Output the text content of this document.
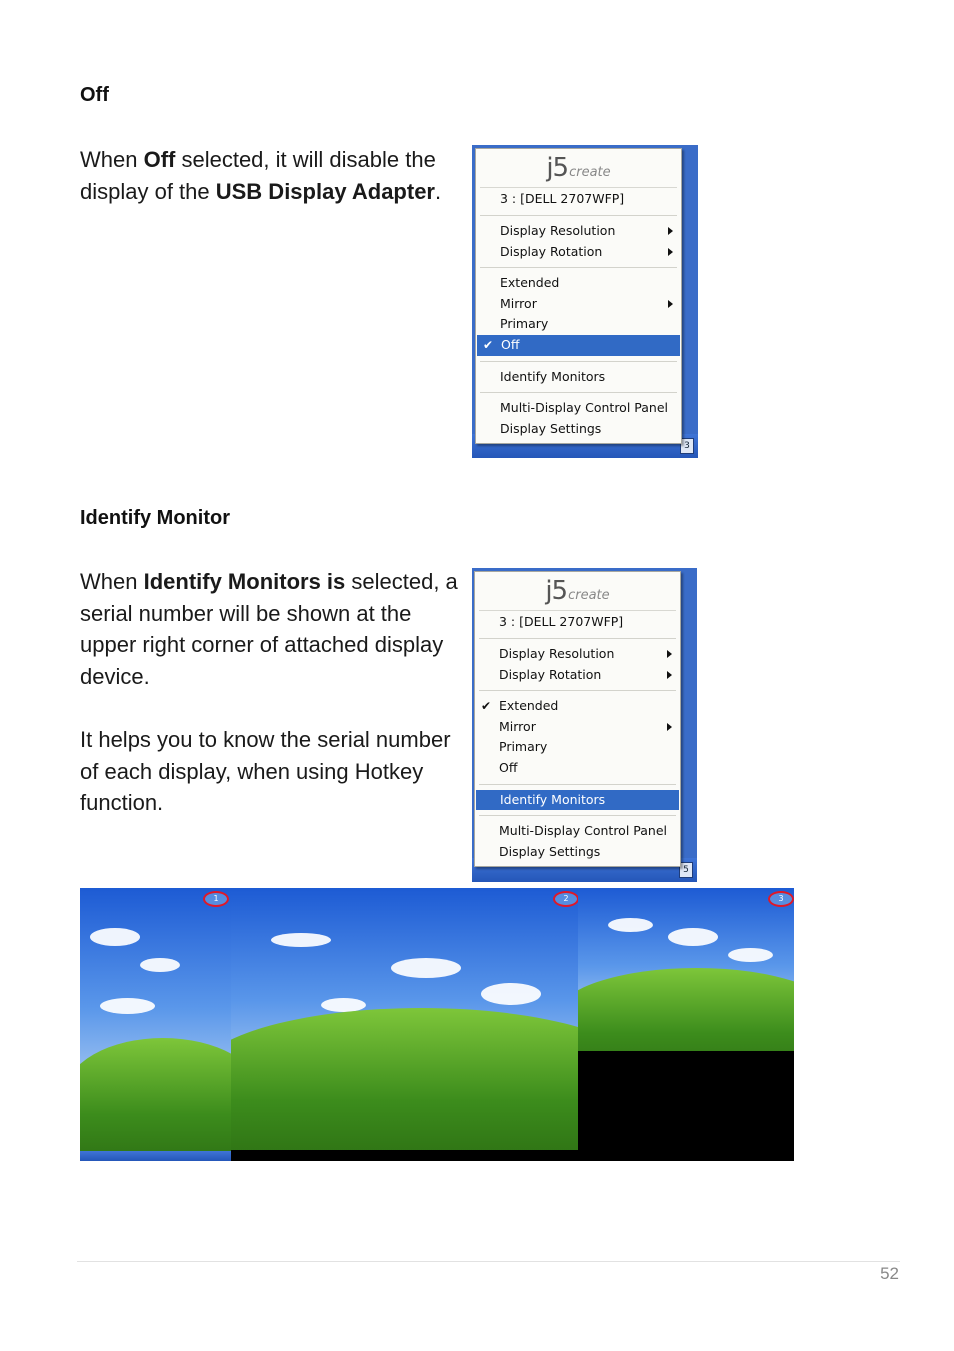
Off

When Off selected, it will disable the display of the USB Display Adapter.

3
j5create
3 : [DELL 2707WFP]
Display Resolution
Display Rotation
Extended
Mirror
Primary
✔ Off
Identify Monitors
Multi-Display Control Panel
Display Settings
Identify Monitor

When Identify Monitors is selected, a serial number will be shown at the upper right corner of attached display device.

It helps you to know the serial number of each display, when using Hotkey function.

5
j5create
3 : [DELL 2707WFP]
Display Resolution
Display Rotation
✔ Extended
Mirror
Primary
Off
Identify Monitors
Multi-Display Control Panel
Display Settings
1	2	3
52
